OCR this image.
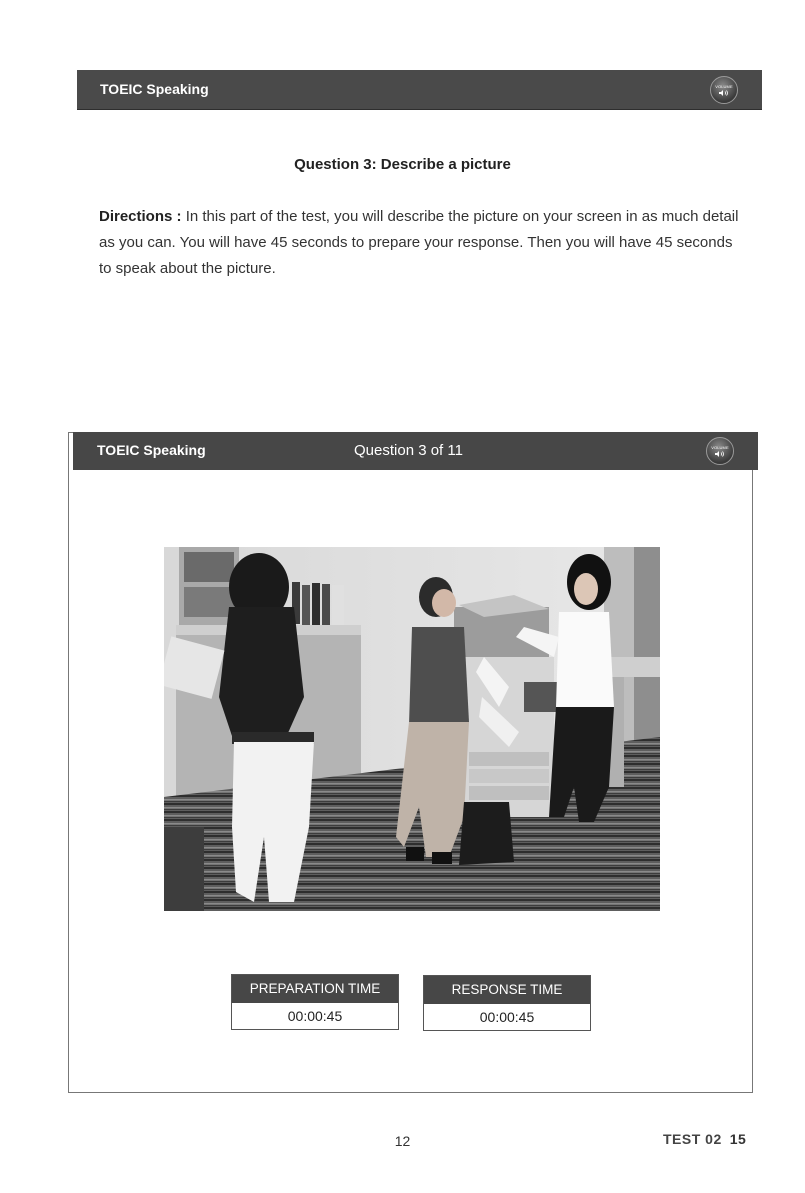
TOEIC Speaking	VOLUME
Question 3: Describe a picture

Directions : In this part of the test, you will describe the picture on your screen in as much detail as you can. You will have 45 seconds to prepare your response. Then you will have 45 seconds to speak about the picture.

TOEIC Speaking	Question 3 of 11	VOLUME
PREPARATION TIME
00:00:45
RESPONSE TIME
00:00:45
12	TEST 02 15
